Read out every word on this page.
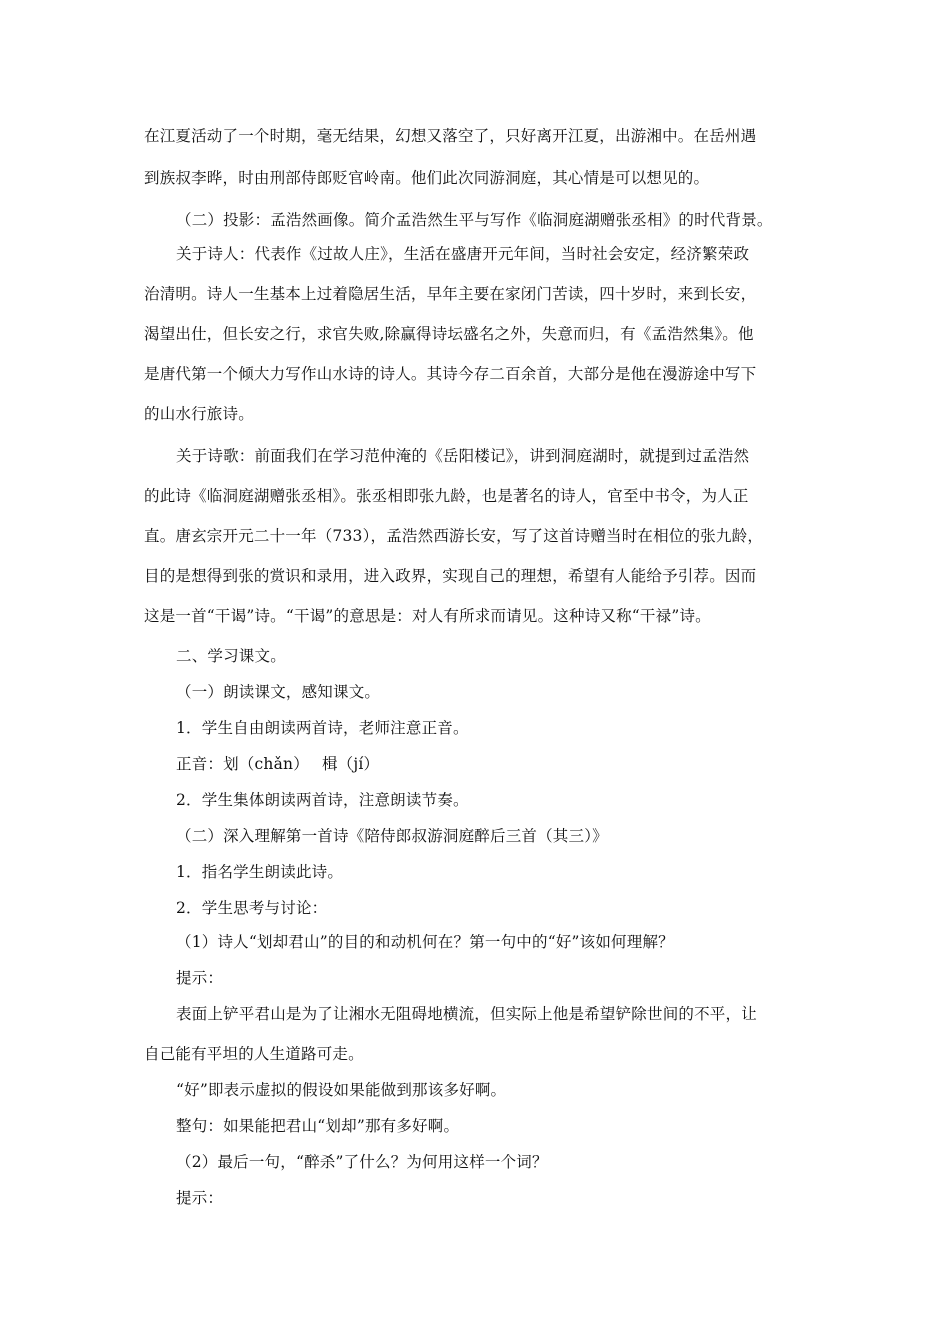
在江夏活动了一个时期，毫无结果，幻想又落空了，只好离开江夏，出游湘中。在岳州遇
到族叔李晔，时由刑部侍郎贬官岭南。他们此次同游洞庭，其心情是可以想见的。
（二）投影：孟浩然画像。简介孟浩然生平与写作《临洞庭湖赠张丞相》的时代背景。
关于诗人：代表作《过故人庄》，生活在盛唐开元年间，当时社会安定，经济繁荣政
治清明。诗人一生基本上过着隐居生活，早年主要在家闭门苦读，四十岁时，来到长安，
渴望出仕，但长安之行，求官失败,除赢得诗坛盛名之外，失意而归，有《孟浩然集》。他
是唐代第一个倾大力写作山水诗的诗人。其诗今存二百余首，大部分是他在漫游途中写下
的山水行旅诗。
关于诗歌：前面我们在学习范仲淹的《岳阳楼记》，讲到洞庭湖时，就提到过孟浩然
的此诗《临洞庭湖赠张丞相》。张丞相即张九龄，也是著名的诗人，官至中书令，为人正
直。唐玄宗开元二十一年（733），孟浩然西游长安，写了这首诗赠当时在相位的张九龄，
目的是想得到张的赏识和录用，进入政界，实现自己的理想，希望有人能给予引荐。因而
这是一首“干谒”诗。“干谒”的意思是：对人有所求而请见。这种诗又称“干禄”诗。
二、学习课文。
（一）朗读课文，感知课文。
1．学生自由朗读两首诗，老师注意正音。
正音：划（chǎn）　 楫（jí）
2．学生集体朗读两首诗，注意朗读节奏。
（二）深入理解第一首诗《陪侍郎叔游洞庭醉后三首（其三）》
1．指名学生朗读此诗。
2．学生思考与讨论：
（1）诗人“划却君山”的目的和动机何在？第一句中的“好”该如何理解？
提示：
表面上铲平君山是为了让湘水无阻碍地横流，但实际上他是希望铲除世间的不平，让
自己能有平坦的人生道路可走。
“好”即表示虚拟的假设如果能做到那该多好啊。
整句：如果能把君山“划却”那有多好啊。
（2）最后一句，“醉杀”了什么？为何用这样一个词？
提示：
